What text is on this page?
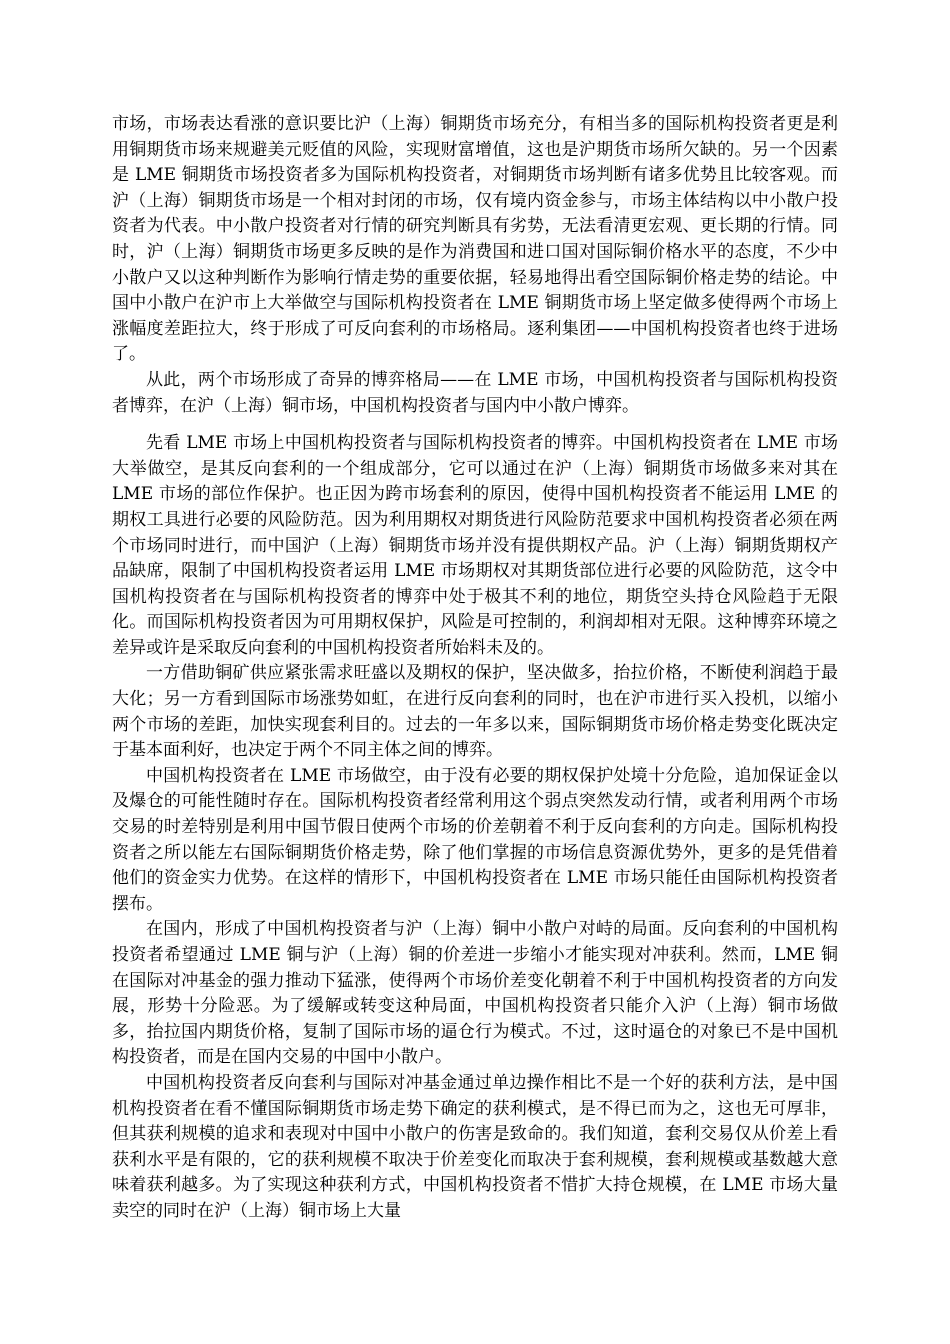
市场，市场表达看涨的意识要比沪（上海）铜期货市场充分，有相当多的国际机构投资者更是利用铜期货市场来规避美元贬值的风险，实现财富增值，这也是沪期货市场所欠缺的。另一个因素是 LME 铜期货市场投资者多为国际机构投资者，对铜期货市场判断有诸多优势且比较客观。而沪（上海）铜期货市场是一个相对封闭的市场，仅有境内资金参与，市场主体结构以中小散户投资者为代表。中小散户投资者对行情的研究判断具有劣势，无法看清更宏观、更长期的行情。同时，沪（上海）铜期货市场更多反映的是作为消费国和进口国对国际铜价格水平的态度，不少中小散户又以这种判断作为影响行情走势的重要依据，轻易地得出看空国际铜价格走势的结论。中国中小散户在沪市上大举做空与国际机构投资者在 LME 铜期货市场上坚定做多使得两个市场上涨幅度差距拉大，终于形成了可反向套利的市场格局。逐利集团——中国机构投资者也终于进场了。

从此，两个市场形成了奇异的博弈格局——在 LME 市场，中国机构投资者与国际机构投资者博弈，在沪（上海）铜市场，中国机构投资者与国内中小散户博弈。

先看 LME 市场上中国机构投资者与国际机构投资者的博弈。中国机构投资者在 LME 市场大举做空，是其反向套利的一个组成部分，它可以通过在沪（上海）铜期货市场做多来对其在 LME 市场的部位作保护。也正因为跨市场套利的原因，使得中国机构投资者不能运用 LME 的期权工具进行必要的风险防范。因为利用期权对期货进行风险防范要求中国机构投资者必须在两个市场同时进行，而中国沪（上海）铜期货市场并没有提供期权产品。沪（上海）铜期货期权产品缺席，限制了中国机构投资者运用 LME 市场期权对其期货部位进行必要的风险防范，这令中国机构投资者在与国际机构投资者的博弈中处于极其不利的地位，期货空头持仓风险趋于无限化。而国际机构投资者因为可用期权保护，风险是可控制的，利润却相对无限。这种博弈环境之差异或许是采取反向套利的中国机构投资者所始料未及的。

一方借助铜矿供应紧张需求旺盛以及期权的保护，坚决做多，抬拉价格，不断使利润趋于最大化；另一方看到国际市场涨势如虹，在进行反向套利的同时，也在沪市进行买入投机，以缩小两个市场的差距，加快实现套利目的。过去的一年多以来，国际铜期货市场价格走势变化既决定于基本面利好，也决定于两个不同主体之间的博弈。

中国机构投资者在 LME 市场做空，由于没有必要的期权保护处境十分危险，追加保证金以及爆仓的可能性随时存在。国际机构投资者经常利用这个弱点突然发动行情，或者利用两个市场交易的时差特别是利用中国节假日使两个市场的价差朝着不利于反向套利的方向走。国际机构投资者之所以能左右国际铜期货价格走势，除了他们掌握的市场信息资源优势外，更多的是凭借着他们的资金实力优势。在这样的情形下，中国机构投资者在 LME 市场只能任由国际机构投资者摆布。

在国内，形成了中国机构投资者与沪（上海）铜中小散户对峙的局面。反向套利的中国机构投资者希望通过 LME 铜与沪（上海）铜的价差进一步缩小才能实现对冲获利。然而，LME 铜在国际对冲基金的强力推动下猛涨，使得两个市场价差变化朝着不利于中国机构投资者的方向发展，形势十分险恶。为了缓解或转变这种局面，中国机构投资者只能介入沪（上海）铜市场做多，抬拉国内期货价格，复制了国际市场的逼仓行为模式。不过，这时逼仓的对象已不是中国机构投资者，而是在国内交易的中国中小散户。

中国机构投资者反向套利与国际对冲基金通过单边操作相比不是一个好的获利方法，是中国机构投资者在看不懂国际铜期货市场走势下确定的获利模式，是不得已而为之，这也无可厚非，但其获利规模的追求和表现对中国中小散户的伤害是致命的。我们知道，套利交易仅从价差上看获利水平是有限的，它的获利规模不取决于价差变化而取决于套利规模，套利规模或基数越大意味着获利越多。为了实现这种获利方式，中国机构投资者不惜扩大持仓规模，在 LME 市场大量卖空的同时在沪（上海）铜市场上大量
